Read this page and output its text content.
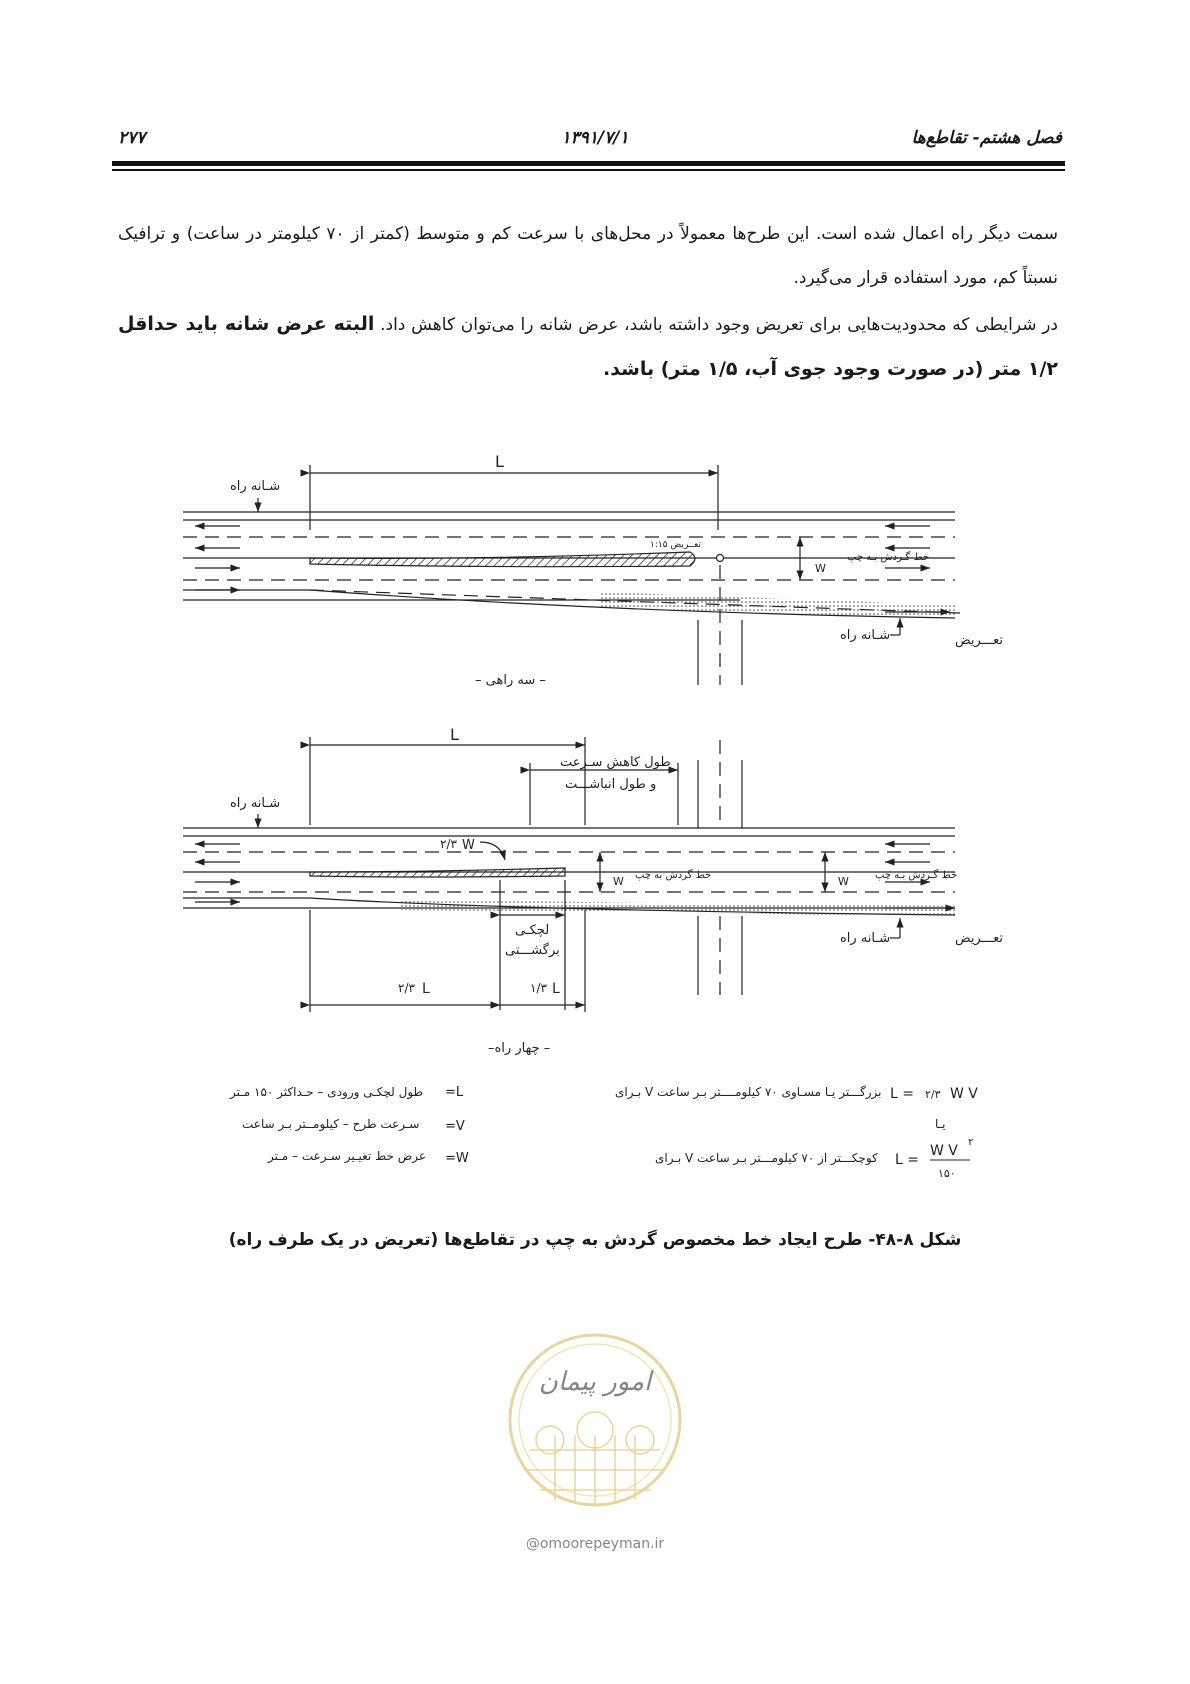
فصل هشتم- تقاطع‌ها
۱۳۹۱/۷/۱
۲۷۷
سمت دیگر راه اعمال شده است. این طرح‌ها معمولاً در محل‌های با سرعت کم و متوسط (کمتر از ۷۰ کیلومتر در ساعت) و ترافیک نسبتاً کم، مورد استفاده قرار می‌گیرد.
در شرایطی که محدودیت‌هایی برای تعریض وجود داشته باشد، عرض شانه را می‌توان کاهش داد. البته عرض شانه باید حداقل ۱/۲ متر (در صورت وجود جوی آب، ۱/۵ متر) باشد.
L
شـانه راه
تعــریض ۱:۱۵
W
خط گـردش بـه چپ
شـانه راه	تعـــریض
– سه راهی –
L
طول کاهش سـرعت
و طول انباشـــت
شـانه راه
۲/۳ W
W خط گردش به چپ	W	خط گـردش بـه چپ
لچکـی
برگشـــتی
۲/۳ L	۱/۳ L
شـانه راه	تعـــریض
–چهار راه –
طول لچکـی ورودی – حـداکثر ۱۵۰ مـتر =L
سـرعت طرح – کیلومــتر بـر ساعت =V
عرض خط تغیـیر سـرعت – مـتر =W
بـرای V بزرگـــتر یـا مسـاوی ۷۰ کیلومــــتر بـر ساعت L = ۲/۳ W V
یـا
بـرای V کوچکـــتر از ۷۰ کیلومـــتر بـر ساعت L =
W V
۱۵۰
۲
شکل ۸-۴۸- طرح ایجاد خط مخصوص گردش به چپ در تقاطع‌ها (تعریض در یک طرف راه)
امور پیمان
@omoorepeyman.ir
